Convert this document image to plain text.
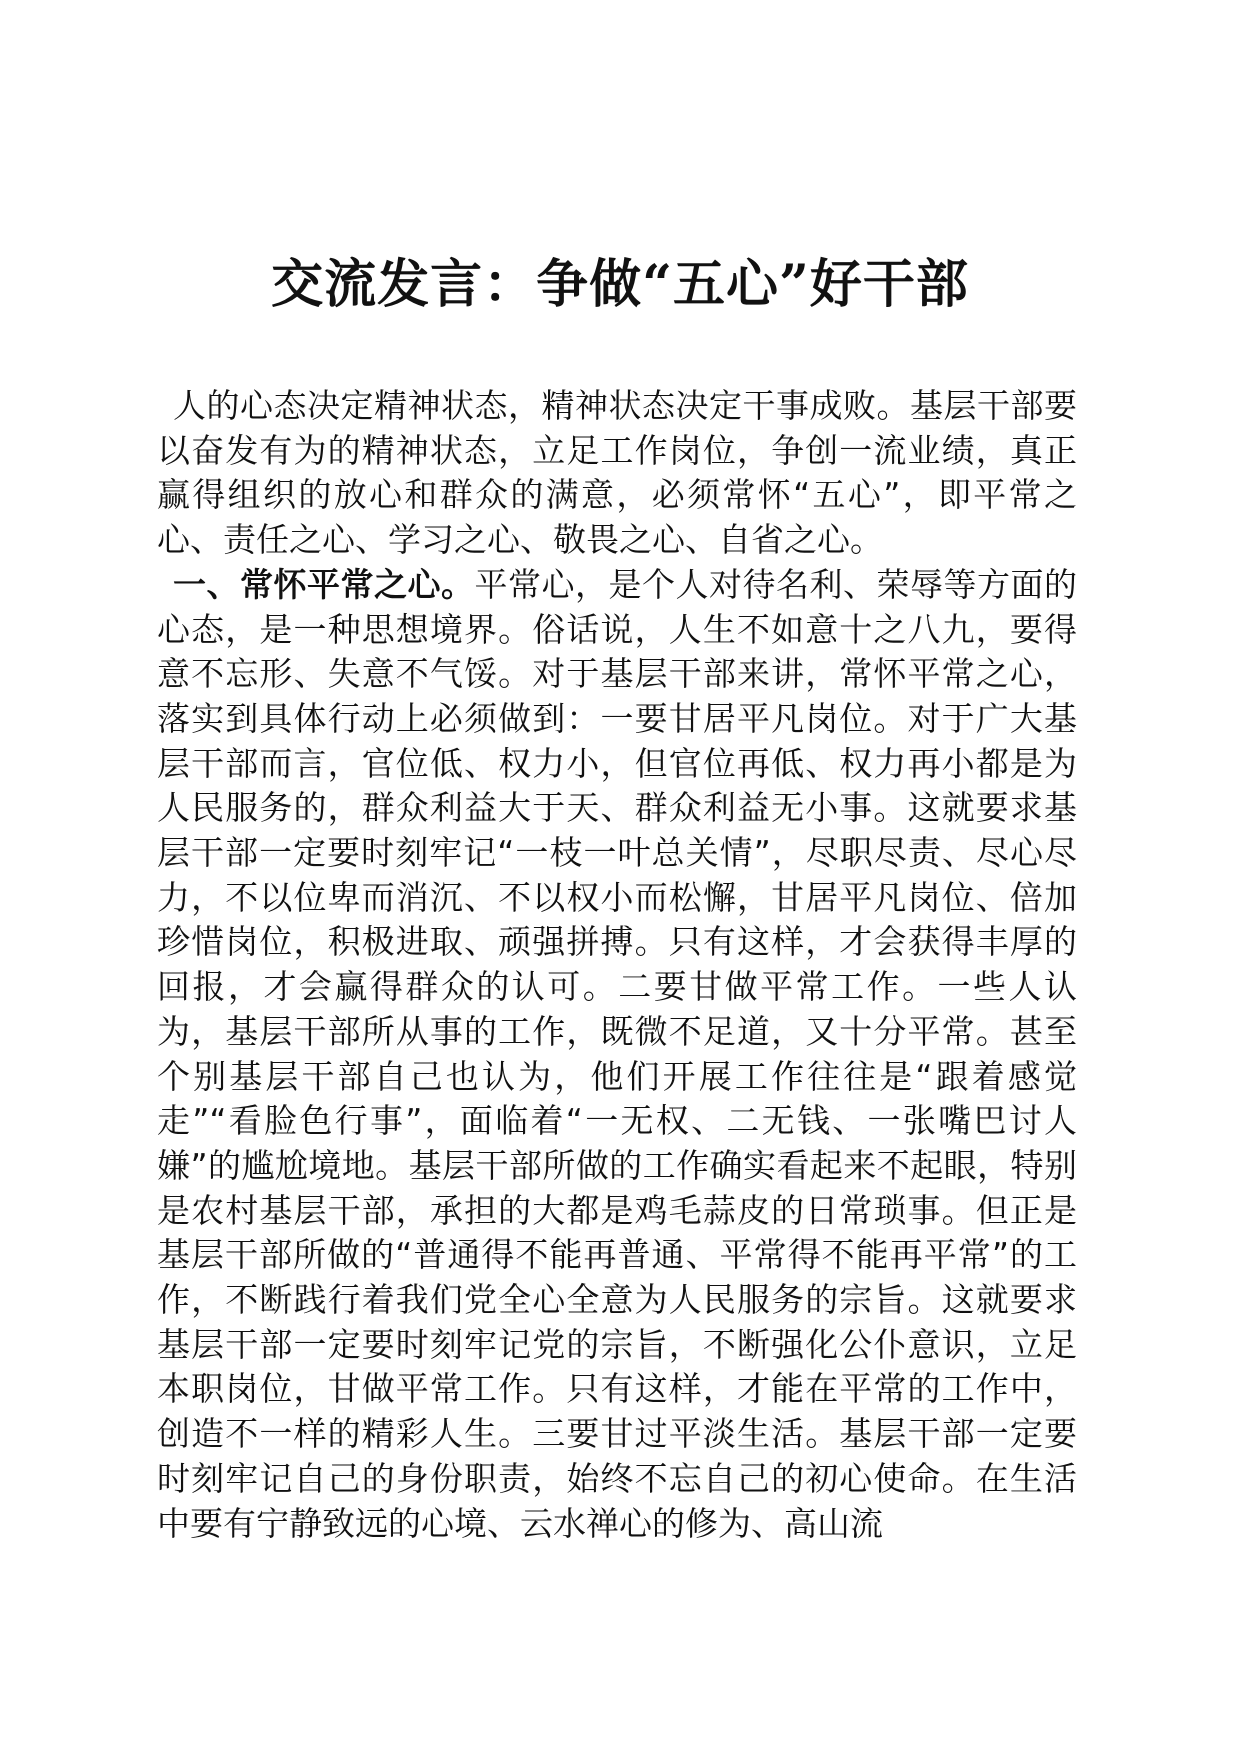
交流发言：争做“五心”好干部

人的心态决定精神状态，精神状态决定干事成败。基层干部要以奋发有为的精神状态，立足工作岗位，争创一流业绩，真正赢得组织的放心和群众的满意，必须常怀“五心”，即平常之心、责任之心、学习之心、敬畏之心、自省之心。

一、常怀平常之心。平常心，是个人对待名利、荣辱等方面的心态，是一种思想境界。俗话说，人生不如意十之八九，要得意不忘形、失意不气馁。对于基层干部来讲，常怀平常之心，落实到具体行动上必须做到：一要甘居平凡岗位。对于广大基层干部而言，官位低、权力小，但官位再低、权力再小都是为人民服务的，群众利益大于天、群众利益无小事。这就要求基层干部一定要时刻牢记“一枝一叶总关情”，尽职尽责、尽心尽力，不以位卑而消沉、不以权小而松懈，甘居平凡岗位、倍加珍惜岗位，积极进取、顽强拼搏。只有这样，才会获得丰厚的回报，才会赢得群众的认可。二要甘做平常工作。一些人认为，基层干部所从事的工作，既微不足道，又十分平常。甚至个别基层干部自己也认为，他们开展工作往往是“跟着感觉走”“看脸色行事”，面临着“一无权、二无钱、一张嘴巴讨人嫌”的尴尬境地。基层干部所做的工作确实看起来不起眼，特别是农村基层干部，承担的大都是鸡毛蒜皮的日常琐事。但正是基层干部所做的“普通得不能再普通、平常得不能再平常”的工作，不断践行着我们党全心全意为人民服务的宗旨。这就要求基层干部一定要时刻牢记党的宗旨，不断强化公仆意识，立足本职岗位，甘做平常工作。只有这样，才能在平常的工作中，创造不一样的精彩人生。三要甘过平淡生活。基层干部一定要时刻牢记自己的身份职责，始终不忘自己的初心使命。在生活中要有宁静致远的心境、云水禅心的修为、高山流
